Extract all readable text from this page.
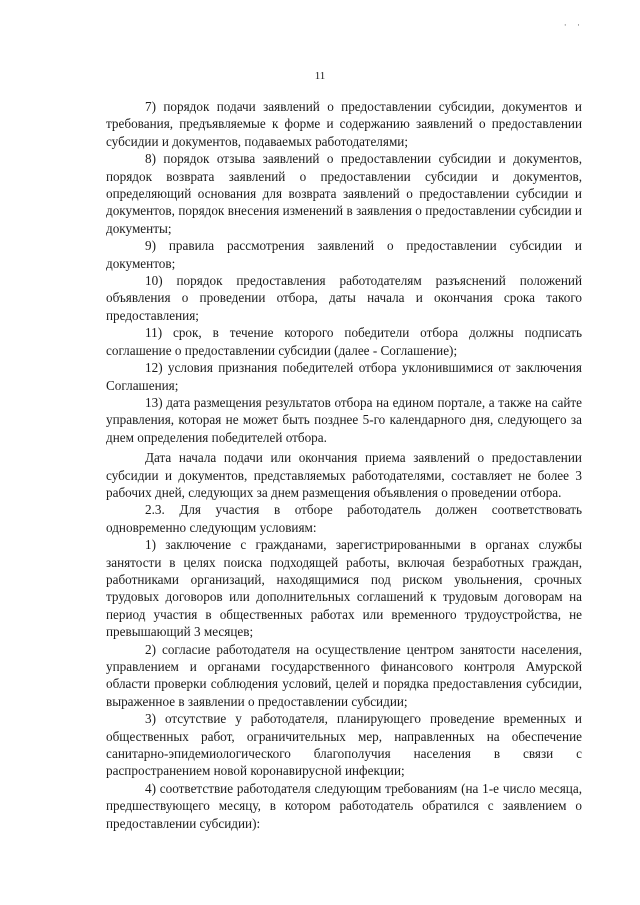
· ·
11

7) порядок подачи заявлений о предоставлении субсидии, документов и требования, предъявляемые к форме и содержанию заявлений о предоставлении субсидии и документов, подаваемых работодателями;

8) порядок отзыва заявлений о предоставлении субсидии и документов, порядок возврата заявлений о предоставлении субсидии и документов, определяющий основания для возврата заявлений о предоставлении субсидии и документов, порядок внесения изменений в заявления о предоставлении субсидии и документы;

9) правила рассмотрения заявлений о предоставлении субсидии и документов;

10) порядок предоставления работодателям разъяснений положений объявления о проведении отбора, даты начала и окончания срока такого предоставления;

11) срок, в течение которого победители отбора должны подписать соглашение о предоставлении субсидии (далее - Соглашение);

12) условия признания победителей отбора уклонившимися от заключения Соглашения;

13) дата размещения результатов отбора на едином портале, а также на сайте управления, которая не может быть позднее 5-го календарного дня, следующего за днем определения победителей отбора.

Дата начала подачи или окончания приема заявлений о предоставлении субсидии и документов, представляемых работодателями, составляет не более 3 рабочих дней, следующих за днем размещения объявления о проведении отбора.

2.3. Для участия в отборе работодатель должен соответствовать одновременно следующим условиям:

1) заключение с гражданами, зарегистрированными в органах службы занятости в целях поиска подходящей работы, включая безработных граждан, работниками организаций, находящимися под риском увольнения, срочных трудовых договоров или дополнительных соглашений к трудовым договорам на период участия в общественных работах или временного трудоустройства, не превышающий 3 месяцев;

2) согласие работодателя на осуществление центром занятости населения, управлением и органами государственного финансового контроля Амурской области проверки соблюдения условий, целей и порядка предоставления субсидии, выраженное в заявлении о предоставлении субсидии;

3) отсутствие у работодателя, планирующего проведение временных и общественных работ, ограничительных мер, направленных на обеспечение санитарно-эпидемиологического благополучия населения в связи с распространением новой коронавирусной инфекции;

4) соответствие работодателя следующим требованиям (на 1-е число месяца, предшествующего месяцу, в котором работодатель обратился с заявлением о предоставлении субсидии):
